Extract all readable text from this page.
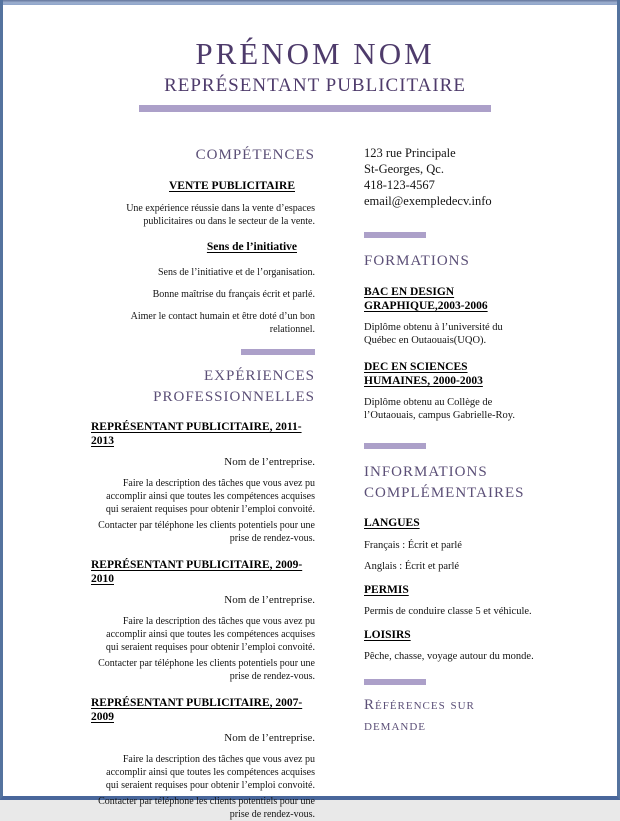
PRÉNOM NOM
REPRÉSENTANT PUBLICITAIRE
COMPÉTENCES

VENTE PUBLICITAIRE

Une expérience réussie dans la vente d’espaces publicitaires ou dans le secteur de la vente.

Sens de l’initiative

Sens de l’initiative et de l’organisation.

Bonne maîtrise du français écrit et parlé.

Aimer le contact humain et être doté d’un bon relationnel.

EXPÉRIENCES PROFESSIONNELLES

REPRÉSENTANT PUBLICITAIRE, 2011-2013

Nom de l’entreprise.

Faire la description des tâches que vous avez pu accomplir ainsi que toutes les compétences acquises qui seraient requises pour obtenir l’emploi convoité.

Contacter par téléphone les clients potentiels pour une prise de rendez-vous.

REPRÉSENTANT PUBLICITAIRE, 2009-2010

Nom de l’entreprise.

Faire la description des tâches que vous avez pu accomplir ainsi que toutes les compétences acquises qui seraient requises pour obtenir l’emploi convoité.

Contacter par téléphone les clients potentiels pour une prise de rendez-vous.

REPRÉSENTANT PUBLICITAIRE, 2007-2009

Nom de l’entreprise.

Faire la description des tâches que vous avez pu accomplir ainsi que toutes les compétences acquises qui seraient requises pour obtenir l’emploi convoité.

Contacter par téléphone les clients potentiels pour une prise de rendez-vous.

123 rue Principale

St-Georges, Qc.

418-123-4567

email@exempledecv.info

FORMATIONS

BAC EN DESIGN GRAPHIQUE,2003-2006

Diplôme obtenu à l’université du Québec en Outaouais(UQO).

DEC EN SCIENCES HUMAINES, 2000-2003

Diplôme obtenu au Collège de l’Outaouais, campus Gabrielle-Roy.

INFORMATIONS COMPLÉMENTAIRES

LANGUES

Français : Écrit et parlé

Anglais : Écrit et parlé

PERMIS

Permis de conduire classe 5 et véhicule.

LOISIRS

Pêche, chasse, voyage autour du monde.

Références sur demande
